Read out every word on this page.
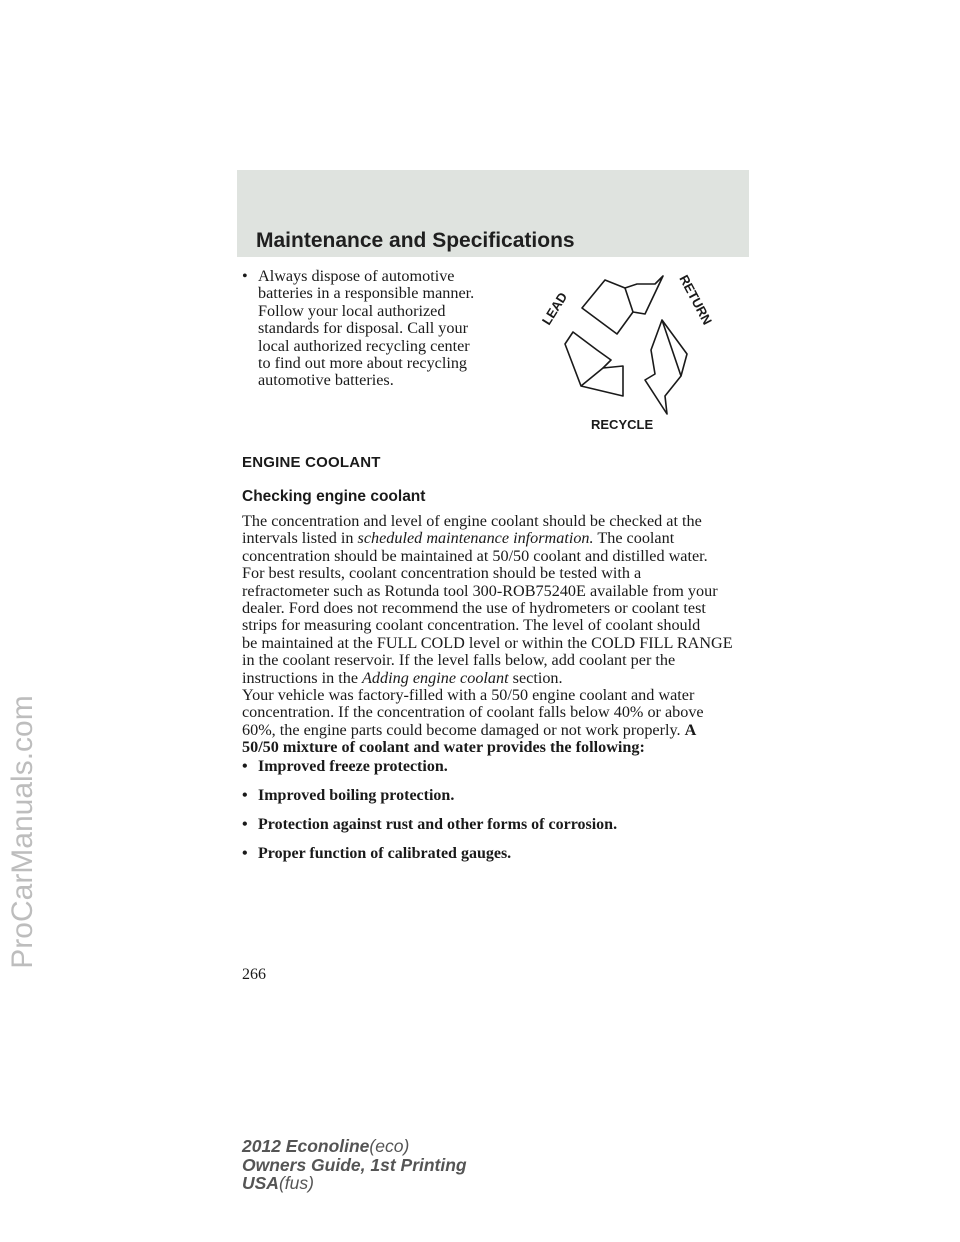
Maintenance and Specifications
• Always dispose of automotive
batteries in a responsible manner.
Follow your local authorized
standards for disposal. Call your
local authorized recycling center
to find out more about recycling
automotive batteries.
LEAD	RETURN
RECYCLE
ENGINE COOLANT
Checking engine coolant
The concentration and level of engine coolant should be checked at the
intervals listed in scheduled maintenance information. The coolant
concentration should be maintained at 50/50 coolant and distilled water.
For best results, coolant concentration should be tested with a
refractometer such as Rotunda tool 300-ROB75240E available from your
dealer. Ford does not recommend the use of hydrometers or coolant test
strips for measuring coolant concentration. The level of coolant should
be maintained at the FULL COLD level or within the COLD FILL RANGE
in the coolant reservoir. If the level falls below, add coolant per the
instructions in the Adding engine coolant section.
Your vehicle was factory-filled with a 50/50 engine coolant and water
concentration. If the concentration of coolant falls below 40% or above
60%, the engine parts could become damaged or not work properly. A
50/50 mixture of coolant and water provides the following:
• Improved freeze protection.
• Improved boiling protection.
• Protection against rust and other forms of corrosion.
• Proper function of calibrated gauges.
266
2012 Econoline(eco)
Owners Guide, 1st Printing
USA(fus)
ProCarManuals.com
